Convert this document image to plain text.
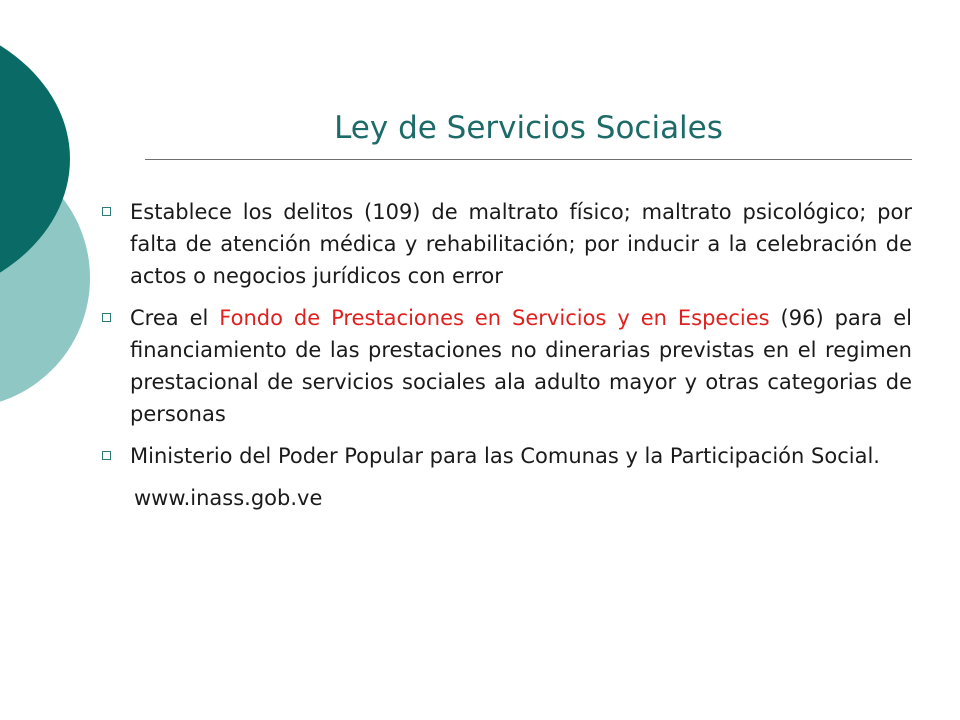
Ley de Servicios Sociales
Establece los delitos (109) de maltrato físico; maltrato psicológico; por falta de atención médica y rehabilitación; por inducir a la celebración de actos o negocios jurídicos con error
Crea el Fondo de Prestaciones en Servicios y en Especies (96) para el financiamiento de las prestaciones no dinerarias previstas en el regimen prestacional de servicios sociales ala adulto mayor y otras categorias de personas
Ministerio del Poder Popular para las Comunas y la Participación Social.
www.inass.gob.ve
